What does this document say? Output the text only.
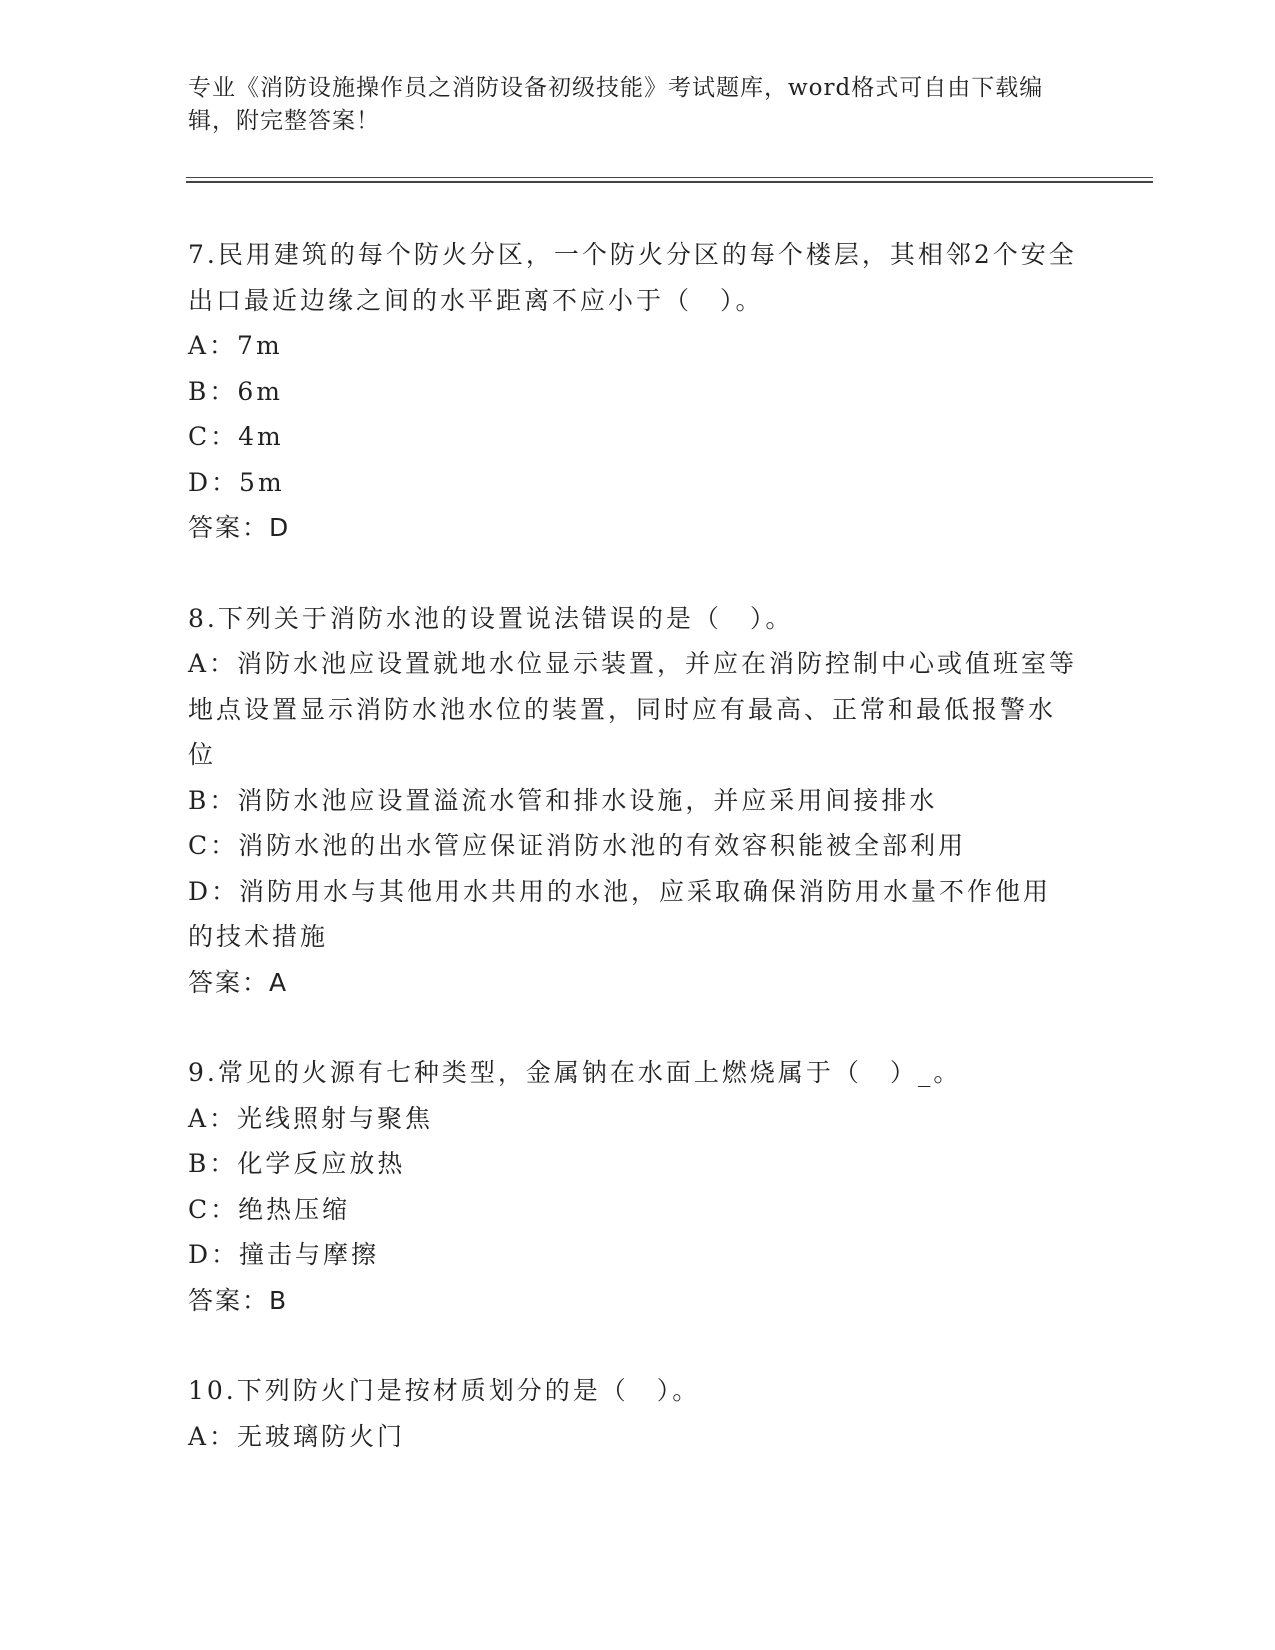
专业《消防设施操作员之消防设备初级技能》考试题库，word格式可自由下载编辑，附完整答案！

7.民用建筑的每个防火分区，一个防火分区的每个楼层，其相邻2个安全出口最近边缘之间的水平距离不应小于（　）。

A：7m

B：6m

C：4m

D：5m

答案：D

8.下列关于消防水池的设置说法错误的是（　）。

A：消防水池应设置就地水位显示装置，并应在消防控制中心或值班室等地点设置显示消防水池水位的装置，同时应有最高、正常和最低报警水位

B：消防水池应设置溢流水管和排水设施，并应采用间接排水

C：消防水池的出水管应保证消防水池的有效容积能被全部利用

D：消防用水与其他用水共用的水池，应采取确保消防用水量不作他用的技术措施

答案：A

9.常见的火源有七种类型，金属钠在水面上燃烧属于（　）_。

A：光线照射与聚焦

B：化学反应放热

C：绝热压缩

D：撞击与摩擦

答案：B

10.下列防火门是按材质划分的是（　）。

A：无玻璃防火门
